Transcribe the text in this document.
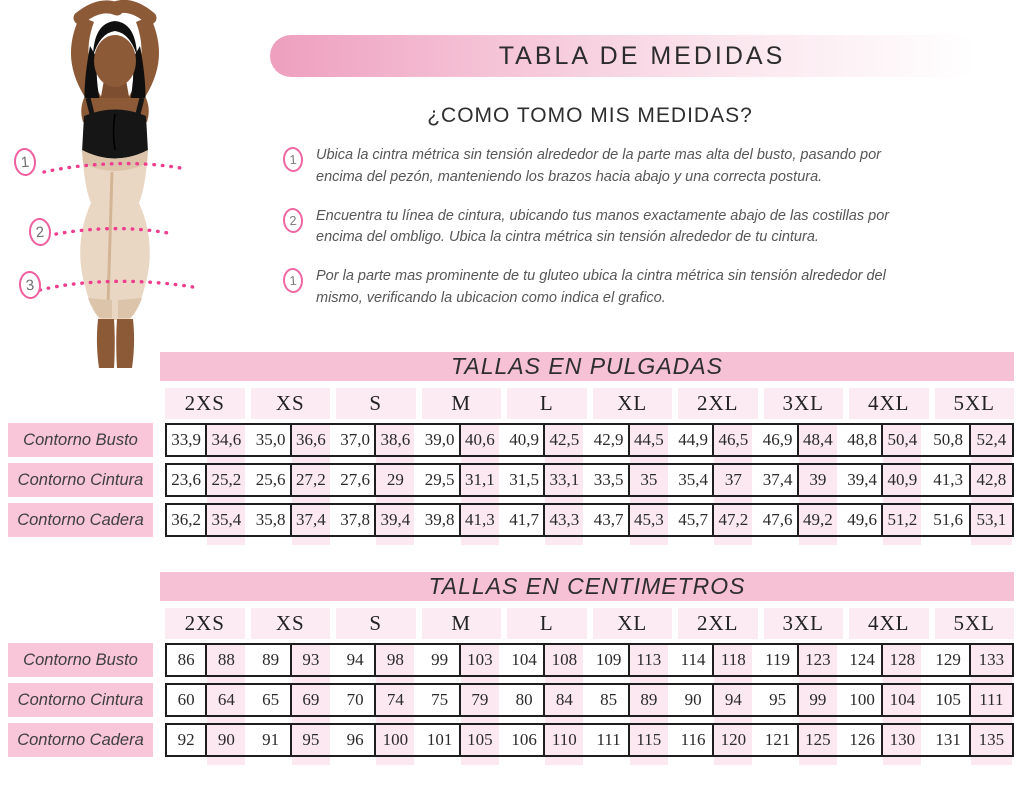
1
2
3
TABLA DE MEDIDAS
¿COMO TOMO MIS MEDIDAS?
1	Ubica la cintra métrica sin tensión alrededor de la parte mas alta del busto, pasando por encima del pezón, manteniendo los brazos hacia abajo y una correcta postura.
2	Encuentra tu línea de cintura, ubicando tus manos exactamente abajo de las costillas por encima del ombligo. Ubica la cintra métrica sin tensión alrededor de tu cintura.
1	Por la parte mas prominente de tu gluteo ubica la cintra métrica sin tensión alrededor del mismo, verificando la ubicacion como indica el grafico.
TALLAS EN PULGADAS
2XS	XS	S	M	L	XL	2XL	3XL	4XL	5XL
Contorno Busto	33,9 34,6 35,0 36,6 37,0 38,6 39,0 40,6 40,9 42,5 42,9 44,5 44,9 46,5 46,9 48,4 48,8 50,4 50,8 52,4
Contorno Cintura	23,6 25,2 25,6 27,2 27,6 29	29,5 31,1 31,5 33,1 33,5 35	35,4 37	37,4 39	39,4 40,9 41,3 42,8
Contorno Cadera	36,2 35,4 35,8 37,4 37,8 39,4 39,8 41,3 41,7 43,3 43,7 45,3 45,7 47,2 47,6 49,2 49,6 51,2 51,6 53,1
TALLAS EN CENTIMETROS
2XS	XS	S	M	L	XL	2XL	3XL	4XL	5XL
Contorno Busto	86	88	89	93	94	98	99	103	104 108	109 113	114 118	119 123	124 128	129	133
Contorno Cintura	60	64	65	69	70	74	75	79	80	84	85	89	90	94	95	99	100 104	105	111
Contorno Cadera	92	90	91	95	96	100	101 105	106 110	111 115	116 120	121 125	126 130	131	135
